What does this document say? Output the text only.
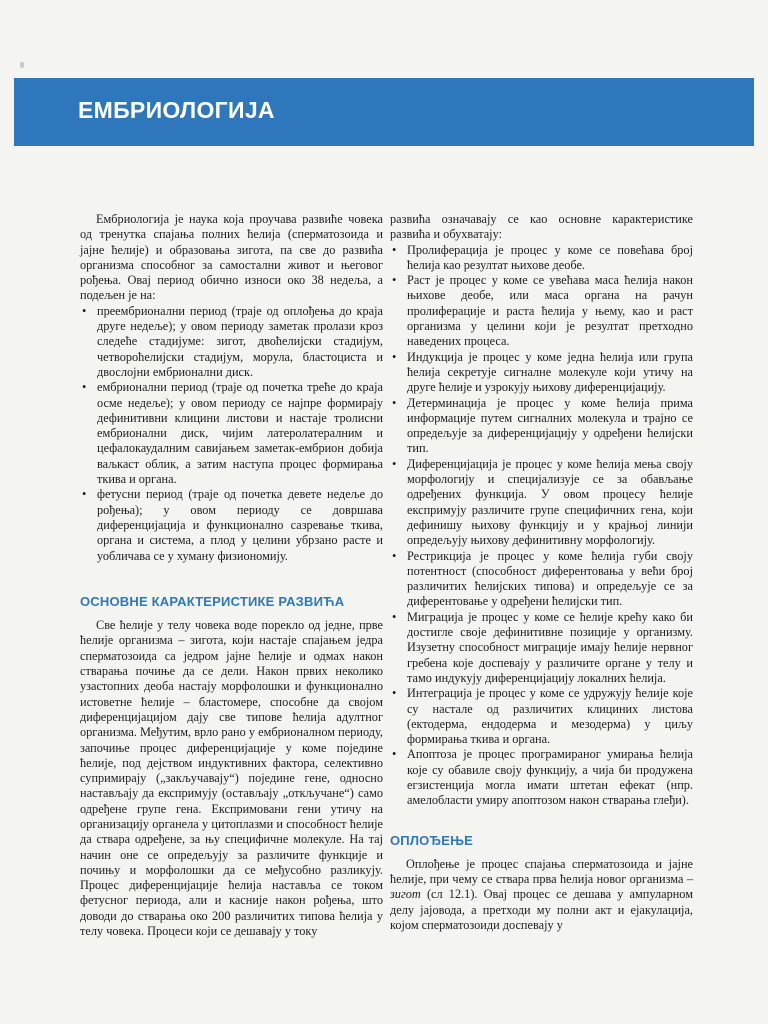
ЕМБРИОЛОГИЈА

Ембриологија је наука која проучава развиће човека од тренутка спајања полних ћелија (сперматозоида и јајне ћелије) и образовања зигота, па све до развића организма способног за самостални живот и његовог рођења. Овај период обично износи око 38 недеља, а подељен је на:

• преембрионални период (траје од оплођења до краја друге недеље); у овом периоду заметак пролази кроз следеће стадијуме: зигот, двоћелијски стадијум, четвороћелијски стадијум, морула, бластоциста и двослојни ембрионални диск.
• ембрионални период (траје од почетка треће до краја осме недеље); у овом периоду се најпре формирају дефинитивни клицини листови и настаје тролисни ембрионални диск, чијим латеролатералним и цефалокаудалним савијањем заметак-ембрион добија ваљкаст облик, а затим наступа процес формирања ткива и органа.
• фетусни период (траје од почетка девете недеље до рођења); у овом периоду се довршава диференцијација и функционално сазревање ткива, органа и система, а плод у целини убрзано расте и уобличава се у хуману физиономију.
ОСНОВНЕ КАРАКТЕРИСТИКЕ РАЗВИЋА

Све ћелије у телу човека воде порекло од једне, прве ћелије организма – зигота, који настаје спајањем једра сперматозоида са једром јајне ћелије и одмах након стварања почиње да се дели. Након првих неколико узастопних деоба настају морфолошки и функционално истоветне ћелије – бластомере, способне да својом диференцијацијом дају све типове ћелија адултног организма. Међутим, врло рано у ембрионалном периоду, започиње процес диференцијације у коме поједине ћелије, под дејством индуктивних фактора, селективно супримирају („закључавају“) поједине гене, односно настављају да експримују (остављају „откључане“) само одређене групе гена. Експримовани гени утичу на организацију органела у цитоплазми и способност ћелије да ствара одређене, за њу специфичне молекуле. На тај начин оне се опредељују за различите функције и почињу и морфолошки да се међусобно разликују. Процес диференцијације ћелија наставља се током фетусног периода, али и касније након рођења, што доводи до стварања око 200 различитих типова ћелија у телу човека. Процеси који се дешавају у току

развића означавају се као основне карактеристике развића и обухватају:

• Пролиферација је процес у коме се повећава број ћелија као резултат њихове деобе.
• Раст је процес у коме се увећава маса ћелија након њихове деобе, или маса органа на рачун пролиферације и раста ћелија у њему, као и раст организма у целини који је резултат претходно наведених процеса.
• Индукција је процес у коме једна ћелија или група ћелија секретује сигналне молекуле који утичу на друге ћелије и узрокују њихову диференцијацију.
• Детерминација је процес у коме ћелија прима информације путем сигналних молекула и трајно се опредељује за диференцијацију у одређени ћелијски тип.
• Диференцијација је процес у коме ћелија мења своју морфологију и специјализује се за обављање одређених функција. У овом процесу ћелије експримују различите групе специфичних гена, који дефинишу њихову функцију и у крајњој линији опредељују њихову дефинитивну морфологију.
• Рестрикција је процес у коме ћелија губи своју потентност (способност диферентовања у већи број различитих ћелијских типова) и опредељује се за диферентовање у одређени ћелијски тип.
• Миграција је процес у коме се ћелије крећу како би достигле своје дефинитивне позиције у организму. Изузетну способност миграције имају ћелије нервног гребена које доспевају у различите органе у телу и тамо индукују диференцијацију локалних ћелија.
• Интеграција је процес у коме се удружују ћелије које су настале од различитих клициних листова (ектодерма, ендодерма и мезодерма) у циљу формирања ткива и органа.
• Апоптоза је процес програмираног умирања ћелија које су обавиле своју функцију, а чија би продужена егзистенција могла имати штетан ефекат (нпр. амелобласти умиру апоптозом након стварања глеђи).
ОПЛОЂЕЊЕ

Оплођење је процес спајања сперматозоида и јајне ћелије, при чему се ствара прва ћелија новог организма – зигот (сл 12.1). Овај процес се дешава у ампуларном делу јајовода, а претходи му полни акт и ејакулација, којом сперматозоиди доспевају у
